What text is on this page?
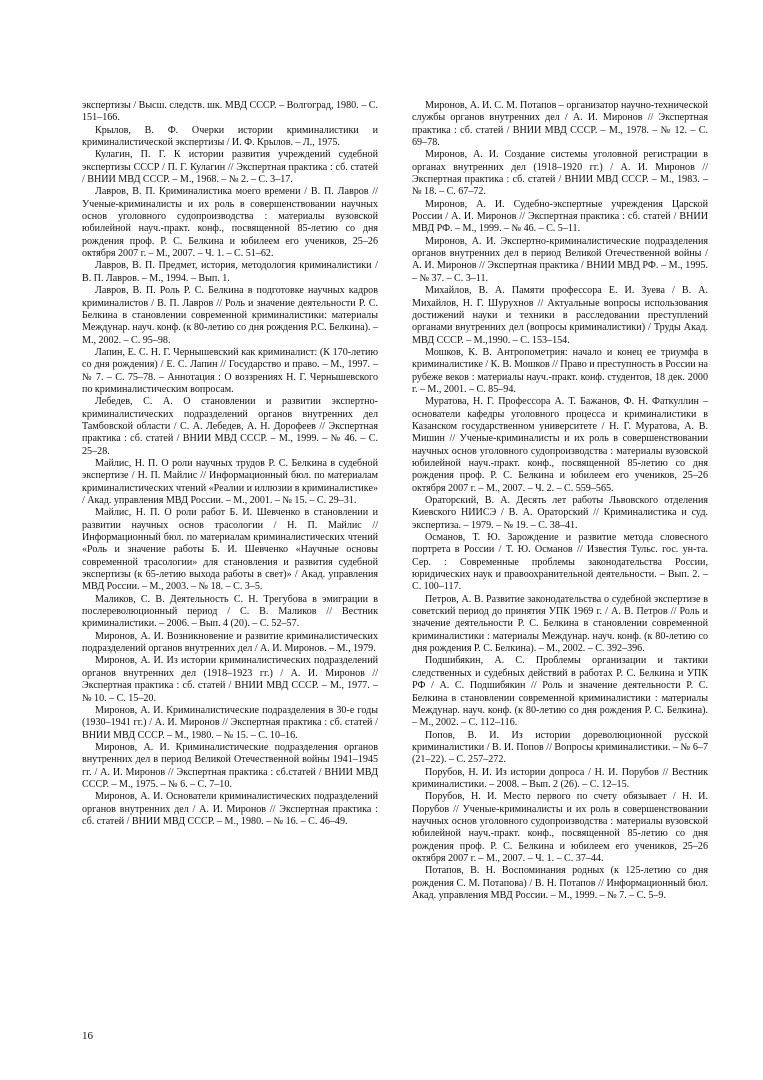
экспертизы / Высш. следств. шк. МВД СССР. – Волгоград, 1980. – С. 151–166.

Крылов, В. Ф. Очерки истории криминалистики и криминалистической экспертизы / И. Ф. Крылов. – Л., 1975.

Кулагин, П. Г. К истории развития учреждений судебной экспертизы СССР / П. Г. Кулагин // Экспертная практика : сб. статей / ВНИИ МВД СССР. – М., 1968. – № 2. – С. 3–17.

Лавров, В. П. Криминалистика моего времени / В. П. Лавров // Ученые-криминалисты и их роль в совершенствовании научных основ уголовного судопроизводства : материалы вузовской юбилейной науч.-практ. конф., посвященной 85-летию со дня рождения проф. Р. С. Белкина и юбилеем его учеников, 25–26 октября 2007 г. – М., 2007. – Ч. 1. – С. 51–62.

Лавров, В. П. Предмет, история, методология криминалистики / В. П. Лавров. – М., 1994. – Вып. 1.

Лавров, В. П. Роль Р. С. Белкина в подготовке научных кадров криминалистов / В. П. Лавров // Роль и значение деятельности Р. С. Белкина в становлении современной криминалистики: материалы Междунар. науч. конф. (к 80-летию со дня рождения Р.С. Белкина). – М., 2002. – С. 95–98.

Лапин, Е. С. Н. Г. Чернышевский как криминалист: (К 170-летию со дня рождения) / Е. С. Лапин // Государство и право. – М., 1997. – № 7. – С. 75–78. – Аннотация : О воззрениях Н. Г. Чернышевского по криминалистическим вопросам.

Лебедев, С. А. О становлении и развитии экспертно-криминалистических подразделений органов внутренних дел Тамбовской области / С. А. Лебедев, А. Н. Дорофеев // Экспертная практика : сб. статей / ВНИИ МВД СССР. – М., 1999. – № 46. – С. 25–28.

Майлис, Н. П. О роли научных трудов Р. С. Белкина в судебной экспертизе / Н. П. Майлис // Информационный бюл. по материалам криминалистических чтений «Реалии и иллюзии в криминалистике» / Акад. управления МВД России. – М., 2001. – № 15. – С. 29–31.

Майлис, Н. П. О роли работ Б. И. Шевченко в становлении и развитии научных основ трасологии / Н. П. Майлис // Информационный бюл. по материалам криминалистических чтений «Роль и значение работы Б. И. Шевченко «Научные основы современной трасологии» для становления и развития судебной экспертизы (к 65-летию выхода работы в свет)» / Акад. управления МВД России. – М., 2003. – № 18. – С. 3–5.

Маликов, С. В. Деятельность С. Н. Трегубова в эмиграции в послереволюционный период / С. В. Маликов // Вестник криминалистики. – 2006. – Вып. 4 (20). – С. 52–57.

Миронов, А. И. Возникновение и развитие криминалистических подразделений органов внутренних дел / А. И. Миронов. – М., 1979.

Миронов, А. И. Из истории криминалистических подразделений органов внутренних дел (1918–1923 гг.) / А. И. Миронов // Экспертная практика : сб. статей / ВНИИ МВД СССР. – М., 1977. – № 10. – С. 15–20.

Миронов, А. И. Криминалистические подразделения в 30-е годы (1930–1941 гг.) / А. И. Миронов // Экспертная практика : сб. статей / ВНИИ МВД СССР. – М., 1980. – № 15. – С. 10–16.

Миронов, А. И. Криминалистические подразделения органов внутренних дел в период Великой Отечественной войны 1941–1945 гг. / А. И. Миронов // Экспертная практика : сб.статей / ВНИИ МВД СССР. – М., 1975. – № 6. – С. 7–10.

Миронов, А. И. Основатели криминалистических подразделений органов внутренних дел / А. И. Миронов // Экспертная практика : сб. статей / ВНИИ МВД СССР. – М., 1980. – № 16. – С. 46–49.

Миронов, А. И. С. М. Потапов – организатор научно-технической службы органов внутренних дел / А. И. Миронов // Экспертная практика : сб. статей / ВНИИ МВД СССР. – М., 1978. – № 12. – С. 69–78.

Миронов, А. И. Создание системы уголовной регистрации в органах внутренних дел (1918–1920 гг.) / А. И. Миронов // Экспертная практика : сб. статей / ВНИИ МВД СССР. – М., 1983. – № 18. – С. 67–72.

Миронов, А. И. Судебно-экспертные учреждения Царской России / А. И. Миронов // Экспертная практика : сб. статей / ВНИИ МВД РФ. – М., 1999. – № 46. – С. 5–11.

Миронов, А. И. Экспертно-криминалистические подразделения органов внутренних дел в период Великой Отечественной войны / А. И. Миронов // Экспертная практика / ВНИИ МВД РФ. – М., 1995. – № 37. – С. 3–11.

Михайлов, В. А. Памяти профессора Е. И. Зуева / В. А. Михайлов, Н. Г. Шурухнов // Актуальные вопросы использования достижений науки и техники в расследовании преступлений органами внутренних дел (вопросы криминалистики) / Труды Акад. МВД СССР. – М.,1990. – С. 153–154.

Мошков, К. В. Антропометрия: начало и конец ее триумфа в криминалистике / К. В. Мошков // Право и преступность в России на рубеже веков : материалы науч.-практ. конф. студентов, 18 дек. 2000 г. – М., 2001. – С. 85–94.

Муратова, Н. Г. Профессора А. Т. Бажанов, Ф. Н. Фаткуллин – основатели кафедры уголовного процесса и криминалистики в Казанском государственном университете / Н. Г. Муратова, А. В. Мишин // Ученые-криминалисты и их роль в совершенствовании научных основ уголовного судопроизводства : материалы вузовской юбилейной науч.-практ. конф., посвященной 85-летию со дня рождения проф. Р. С. Белкина и юбилеем его учеников, 25–26 октября 2007 г. – М., 2007. – Ч. 2. – С. 559–565.

Ораторский, В. А. Десять лет работы Львовского отделения Киевского НИИСЭ / В. А. Ораторский // Криминалистика и суд. экспертиза. – 1979. – № 19. – С. 38–41.

Османов, Т. Ю. Зарождение и развитие метода словесного портрета в России / Т. Ю. Османов // Известия Тульс. гос. ун-та. Сер. : Современные проблемы законодательства России, юридических наук и правоохранительной деятельности. – Вып. 2. – С. 100–117.

Петров, А. В. Развитие законодательства о судебной экспертизе в советский период до принятия УПК 1969 г. / А. В. Петров // Роль и значение деятельности Р. С. Белкина в становлении современной криминалистики : материалы Междунар. науч. конф. (к 80-летию со дня рождения Р. С. Белкина). – М., 2002. – С. 392–396.

Подшибякин, А. С. Проблемы организации и тактики следственных и судебных действий в работах Р. С. Белкина и УПК РФ / А. С. Подшибякин // Роль и значение деятельности Р. С. Белкина в становлении современной криминалистики : материалы Междунар. науч. конф. (к 80-летию со дня рождения Р. С. Белкина). – М., 2002. – С. 112–116.

Попов, В. И. Из истории дореволюционной русской криминалистики / В. И. Попов // Вопросы криминалистики. – № 6–7 (21–22). – С. 257–272.

Порубов, Н. И. Из истории допроса / Н. И. Порубов // Вестник криминалистики. – 2008. – Вып. 2 (26). – С. 12–15.

Порубов, Н. И. Место первого по счету обязывает / Н. И. Порубов // Ученые-криминалисты и их роль в совершенствовании научных основ уголовного судопроизводства : материалы вузовской юбилейной науч.-практ. конф., посвященной 85-летию со дня рождения проф. Р. С. Белкина и юбилеем его учеников, 25–26 октября 2007 г. – М., 2007. – Ч. 1. – С. 37–44.

Потапов, В. Н. Воспоминания родных (к 125-летию со дня рождения С. М. Потапова) / В. Н. Потапов // Информационный бюл. Акад. управления МВД России. – М., 1999. – № 7. – С. 5–9.

16
